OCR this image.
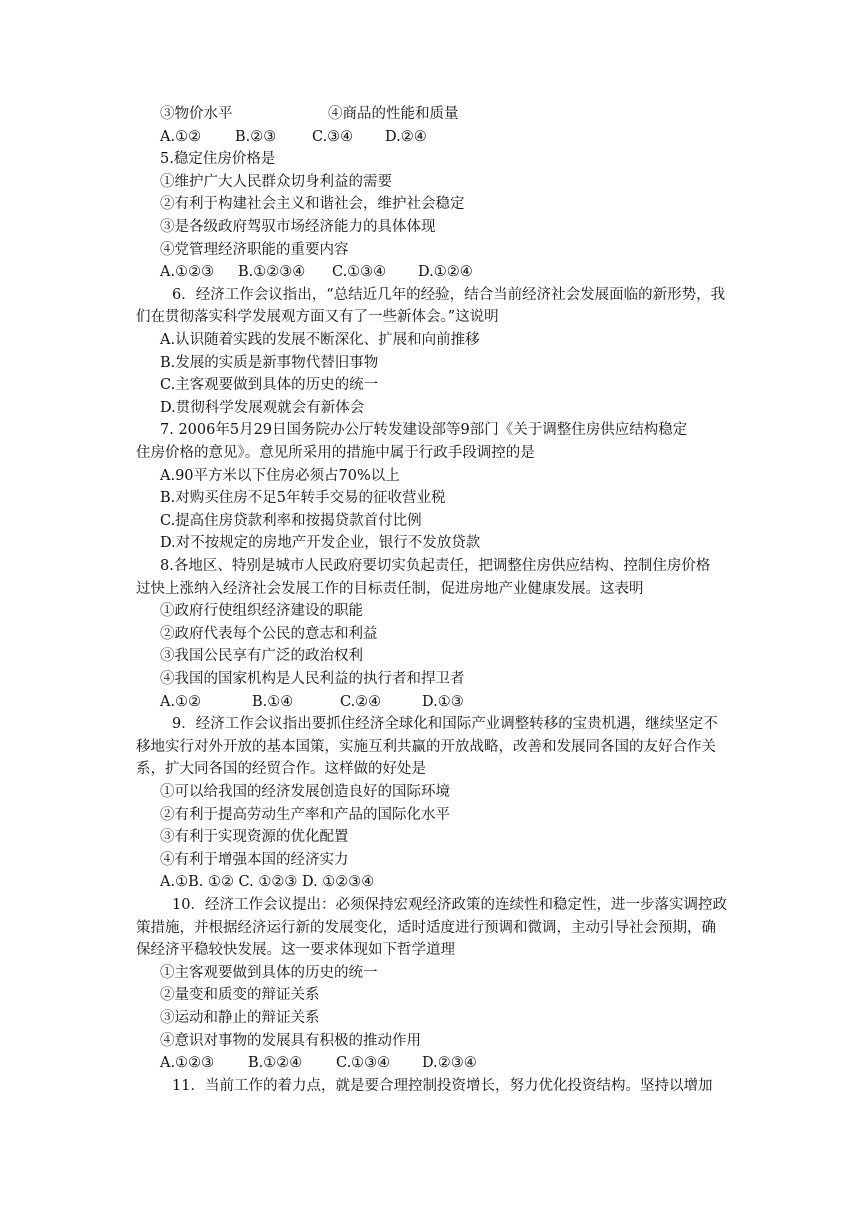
③物价水平	④商品的性能和质量
A.①② B.②③ C.③④ D.②④
5.稳定住房价格是
①维护广大人民群众切身利益的需要
②有利于构建社会主义和谐社会，维护社会稳定
③是各级政府驾驭市场经济能力的具体体现
④党管理经济职能的重要内容
A.①②③ B.①②③④ C.①③④ D.①②④
6．经济工作会议指出，“总结近几年的经验，结合当前经济社会发展面临的新形势，我
们在贯彻落实科学发展观方面又有了一些新体会。”这说明
A.认识随着实践的发展不断深化、扩展和向前推移
B.发展的实质是新事物代替旧事物
C.主客观要做到具体的历史的统一
D.贯彻科学发展观就会有新体会
7. 2006年5月29日国务院办公厅转发建设部等9部门《关于调整住房供应结构稳定
住房价格的意见》。意见所采用的措施中属于行政手段调控的是
A.90平方米以下住房必须占70%以上
B.对购买住房不足5年转手交易的征收营业税
C.提高住房贷款利率和按揭贷款首付比例
D.对不按规定的房地产开发企业，银行不发放贷款
8.各地区、特别是城市人民政府要切实负起责任，把调整住房供应结构、控制住房价格
过快上涨纳入经济社会发展工作的目标责任制，促进房地产业健康发展。这表明
①政府行使组织经济建设的职能
②政府代表每个公民的意志和利益
③我国公民享有广泛的政治权利
④我国的国家机构是人民利益的执行者和捍卫者
A.①②	B.①④	C.②④	D.①③
9．经济工作会议指出要抓住经济全球化和国际产业调整转移的宝贵机遇，继续坚定不
移地实行对外开放的基本国策，实施互利共赢的开放战略，改善和发展同各国的友好合作关
系，扩大同各国的经贸合作。这样做的好处是
①可以给我国的经济发展创造良好的国际环境
②有利于提高劳动生产率和产品的国际化水平
③有利于实现资源的优化配置
④有利于增强本国的经济实力
A.①B. ①② C. ①②③ D. ①②③④
10．经济工作会议提出：必须保持宏观经济政策的连续性和稳定性，进一步落实调控政
策措施，并根据经济运行新的发展变化，适时适度进行预调和微调，主动引导社会预期，确
保经济平稳较快发展。这一要求体现如下哲学道理
①主客观要做到具体的历史的统一
②量变和质变的辩证关系
③运动和静止的辩证关系
④意识对事物的发展具有积极的推动作用
A.①②③ B.①②④ C.①③④ D.②③④
11．当前工作的着力点，就是要合理控制投资增长，努力优化投资结构。坚持以增加
